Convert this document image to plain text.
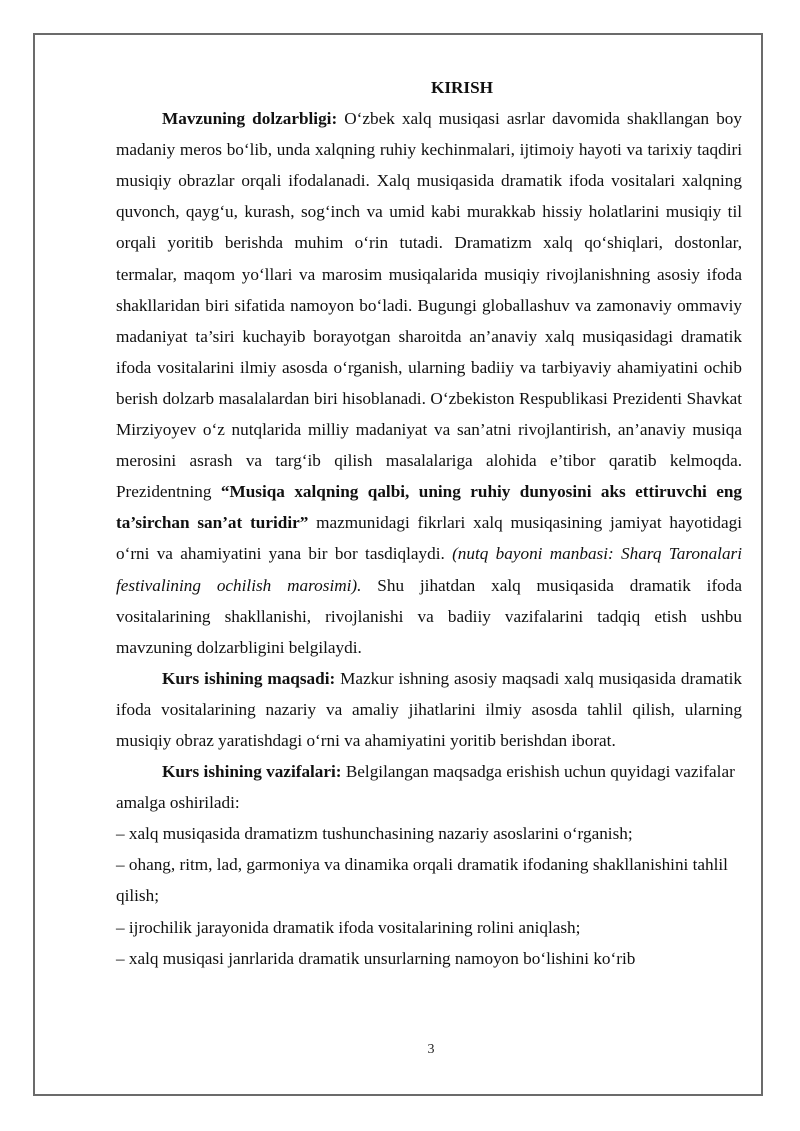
KIRISH

Mavzuning dolzarbligi: O‘zbek xalq musiqasi asrlar davomida shakllangan boy madaniy meros bo‘lib, unda xalqning ruhiy kechinmalari, ijtimoiy hayoti va tarixiy taqdiri musiqiy obrazlar orqali ifodalanadi. Xalq musiqasida dramatik ifoda vositalari xalqning quvonch, qayg‘u, kurash, sog‘inch va umid kabi murakkab hissiy holatlarini musiqiy til orqali yoritib berishda muhim o‘rin tutadi. Dramatizm xalq qo‘shiqlari, dostonlar, termalar, maqom yo‘llari va marosim musiqalarida musiqiy rivojlanishning asosiy ifoda shakllaridan biri sifatida namoyon bo‘ladi. Bugungi globallashuv va zamonaviy ommaviy madaniyat ta’siri kuchayib borayotgan sharoitda an’anaviy xalq musiqasidagi dramatik ifoda vositalarini ilmiy asosda o‘rganish, ularning badiiy va tarbiyaviy ahamiyatini ochib berish dolzarb masalalardan biri hisoblanadi. O‘zbekiston Respublikasi Prezidenti Shavkat Mirziyoyev o‘z nutqlarida milliy madaniyat va san’atni rivojlantirish, an’anaviy musiqa merosini asrash va targ‘ib qilish masalalariga alohida e’tibor qaratib kelmoqda. Prezidentning “Musiqa xalqning qalbi, uning ruhiy dunyosini aks ettiruvchi eng ta’sirchan san’at turidir” mazmunidagi fikrlari xalq musiqasining jamiyat hayotidagi o‘rni va ahamiyatini yana bir bor tasdiqlaydi. (nutq bayoni manbasi: Sharq Taronalari festivalining ochilish marosimi). Shu jihatdan xalq musiqasida dramatik ifoda vositalarining shakllanishi, rivojlanishi va badiiy vazifalarini tadqiq etish ushbu mavzuning dolzarbligini belgilaydi.

Kurs ishining maqsadi: Mazkur ishning asosiy maqsadi xalq musiqasida dramatik ifoda vositalarining nazariy va amaliy jihatlarini ilmiy asosda tahlil qilish, ularning musiqiy obraz yaratishdagi o‘rni va ahamiyatini yoritib berishdan iborat.

Kurs ishining vazifalari: Belgilangan maqsadga erishish uchun quyidagi vazifalar amalga oshiriladi:

– xalq musiqasida dramatizm tushunchasining nazariy asoslarini o‘rganish;

– ohang, ritm, lad, garmoniya va dinamika orqali dramatik ifodaning shakllanishini tahlil qilish;

– ijrochilik jarayonida dramatik ifoda vositalarining rolini aniqlash;

– xalq musiqasi janrlarida dramatik unsurlarning namoyon bo‘lishini ko‘rib

3
